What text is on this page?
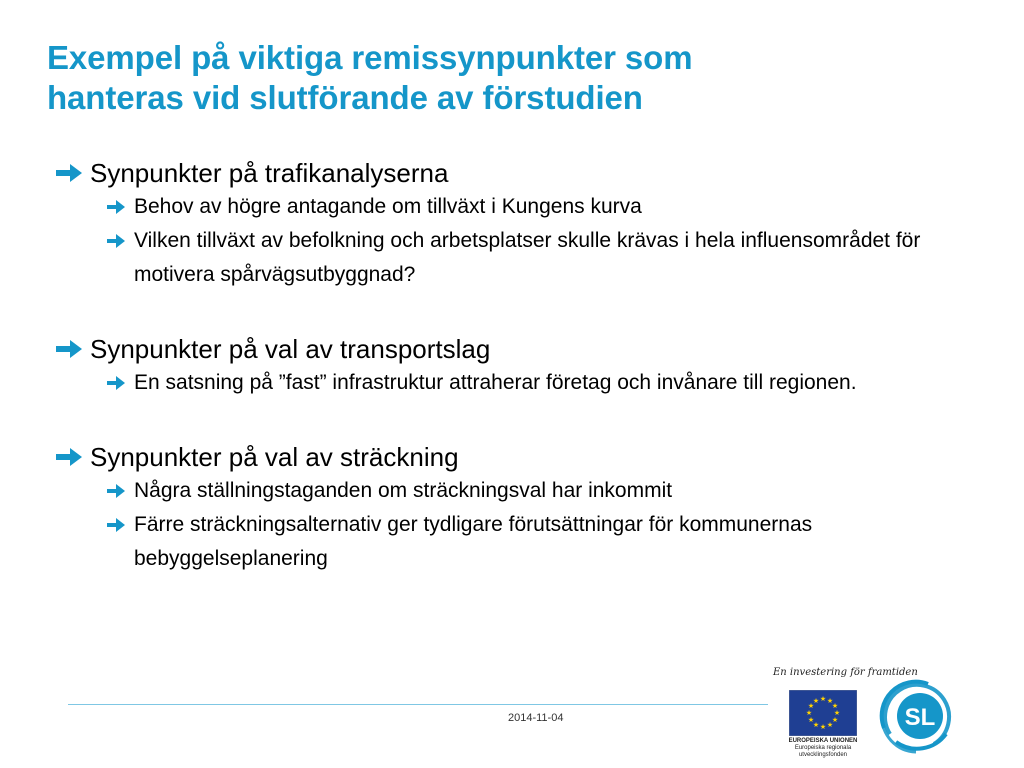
Exempel på viktiga remissynpunkter som
hanteras vid slutförande av förstudien
Synpunkter på trafikanalyserna
Behov av högre antagande om tillväxt i Kungens kurva
Vilken tillväxt av befolkning och arbetsplatser skulle krävas i hela influensområdet för motivera spårvägsutbyggnad?
Synpunkter på val av transportslag
En satsning på ”fast” infrastruktur attraherar företag och invånare till regionen.
Synpunkter på val av sträckning
Några ställningstaganden om sträckningsval har inkommit
Färre sträckningsalternativ ger tydligare förutsättningar för kommunernas bebyggelseplanering
2014-11-04
En investering för framtiden
★ ★
★
★
★
★
★
★
★
★
★
★
EUROPEISKA UNIONEN
Europeiska regionala
utvecklingsfonden
SL
